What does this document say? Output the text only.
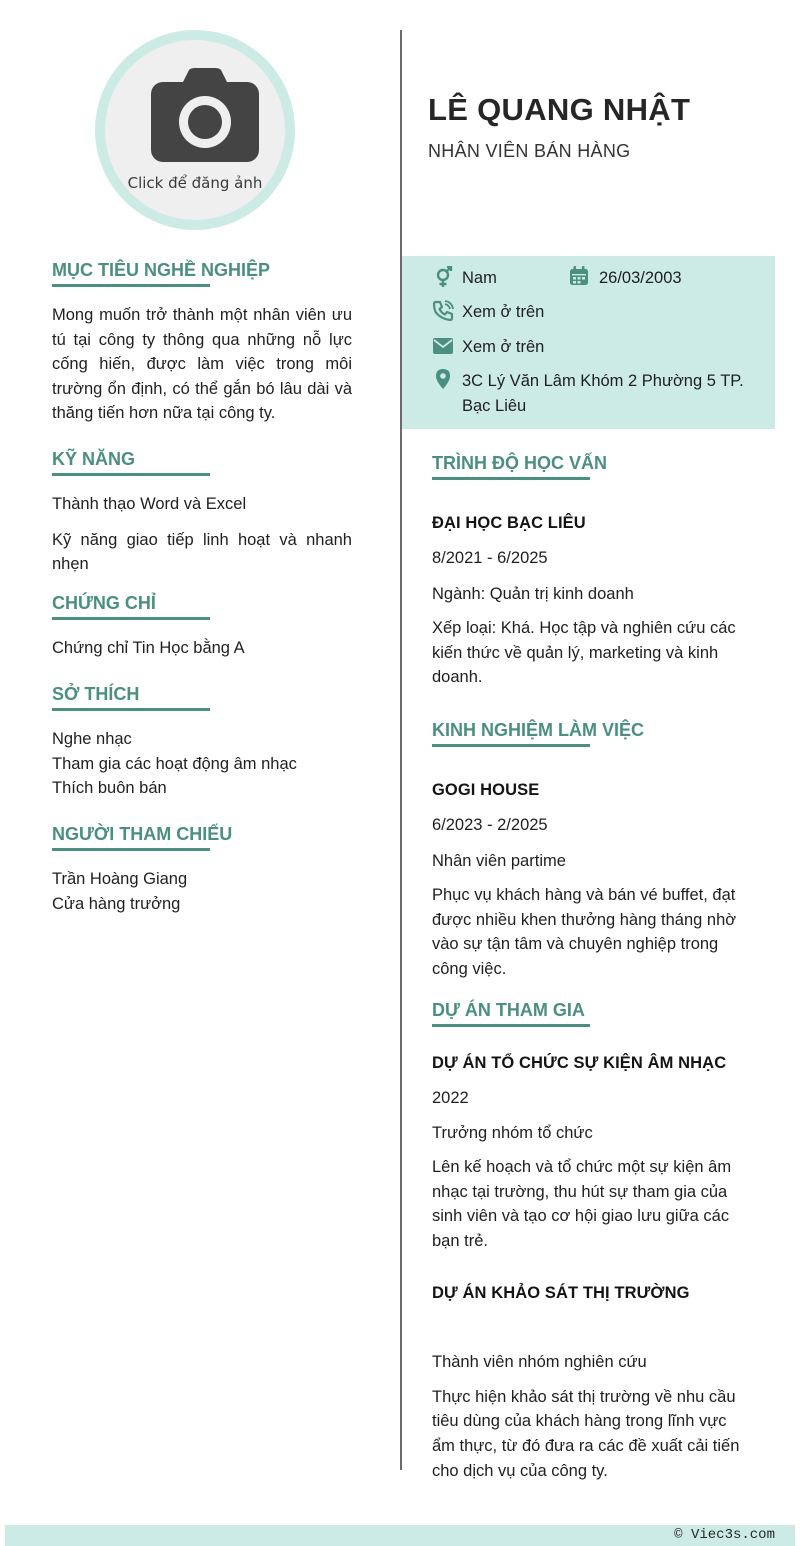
Click để đăng ảnh
MỤC TIÊU NGHỀ NGHIỆP
Mong muốn trở thành một nhân viên ưu tú tại công ty thông qua những nỗ lực cống hiến, được làm việc trong môi trường ổn định, có thể gắn bó lâu dài và thăng tiến hơn nữa tại công ty.
KỸ NĂNG
Thành thạo Word và Excel
Kỹ năng giao tiếp linh hoạt và nhanh nhẹn
CHỨNG CHỈ
Chứng chỉ Tin Học bằng A
SỞ THÍCH
Nghe nhạc
Tham gia các hoạt động âm nhạc
Thích buôn bán
NGƯỜI THAM CHIẾU
Trần Hoàng Giang
Cửa hàng trưởng
LÊ QUANG NHẬT
NHÂN VIÊN BÁN HÀNG
Nam	26/03/2003
Xem ở trên
Xem ở trên
3C Lý Văn Lâm Khóm 2 Phường 5 TP.
Bạc Liêu
TRÌNH ĐỘ HỌC VẤN
ĐẠI HỌC BẠC LIÊU
8/2021 - 6/2025
Ngành: Quản trị kinh doanh
Xếp loại: Khá. Học tập và nghiên cứu các kiến thức về quản lý, marketing và kinh doanh.
KINH NGHIỆM LÀM VIỆC
GOGI HOUSE
6/2023 - 2/2025
Nhân viên partime
Phục vụ khách hàng và bán vé buffet, đạt được nhiều khen thưởng hàng tháng nhờ vào sự tận tâm và chuyên nghiệp trong công việc.
DỰ ÁN THAM GIA
DỰ ÁN TỔ CHỨC SỰ KIỆN ÂM NHẠC
2022
Trưởng nhóm tổ chức
Lên kế hoạch và tổ chức một sự kiện âm nhạc tại trường, thu hút sự tham gia của sinh viên và tạo cơ hội giao lưu giữa các bạn trẻ.
DỰ ÁN KHẢO SÁT THỊ TRƯỜNG
Thành viên nhóm nghiên cứu
Thực hiện khảo sát thị trường về nhu cầu tiêu dùng của khách hàng trong lĩnh vực ẩm thực, từ đó đưa ra các đề xuất cải tiến cho dịch vụ của công ty.
© Viec3s.com
